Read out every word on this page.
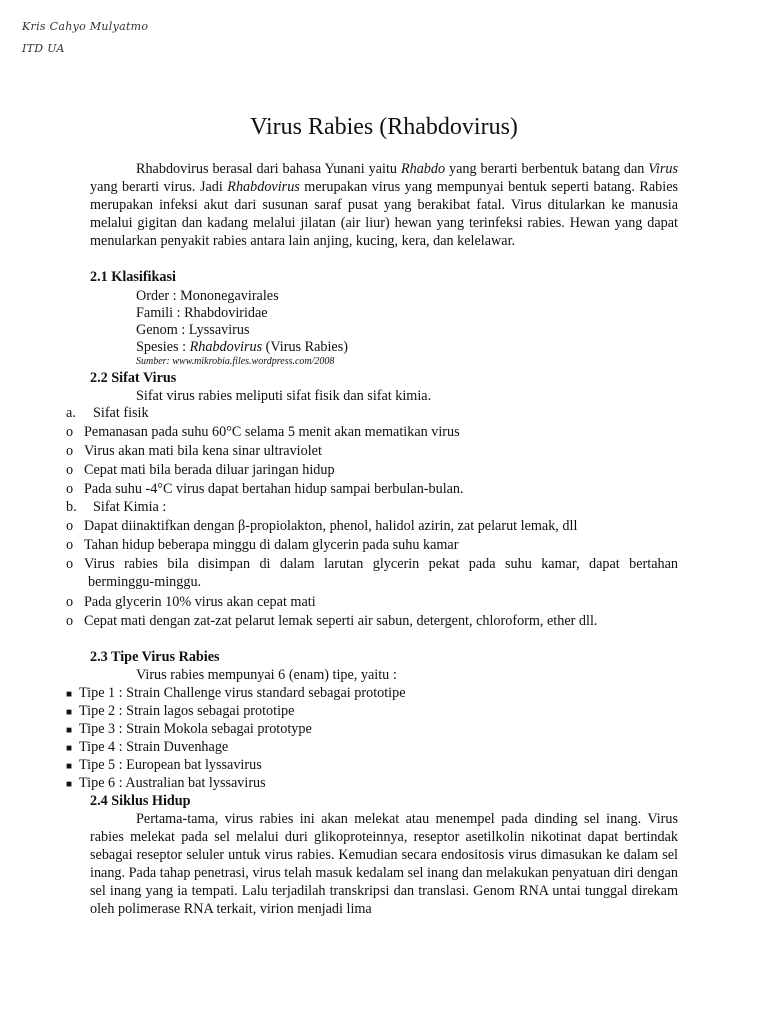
Kris Cahyo Mulyatmo
ITD UA
Virus Rabies (Rhabdovirus)

Rhabdovirus berasal dari bahasa Yunani yaitu Rhabdo yang berarti berbentuk batang dan Virus yang berarti virus. Jadi Rhabdovirus merupakan virus yang mempunyai bentuk seperti batang. Rabies merupakan infeksi akut dari susunan saraf pusat yang berakibat fatal. Virus ditularkan ke manusia melalui gigitan dan kadang melalui jilatan (air liur) hewan yang terinfeksi rabies. Hewan yang dapat menularkan penyakit rabies antara lain anjing, kucing, kera, dan kelelawar.

2.1 Klasifikasi
Order : Mononegavirales
Famili : Rhabdoviridae
Genom : Lyssavirus
Spesies : Rhabdovirus (Virus Rabies)
Sumber: www.mikrobia.files.wordpress.com/2008
2.2 Sifat Virus
Sifat virus rabies meliputi sifat fisik dan sifat kimia.
a. Sifat fisik
o Pemanasan pada suhu 60°C selama 5 menit akan mematikan virus
o Virus akan mati bila kena sinar ultraviolet
o Cepat mati bila berada diluar jaringan hidup
o Pada suhu -4°C virus dapat bertahan hidup sampai berbulan-bulan.
b. Sifat Kimia :
o Dapat diinaktifkan dengan β-propiolakton, phenol, halidol azirin, zat pelarut lemak, dll
o Tahan hidup beberapa minggu di dalam glycerin pada suhu kamar
o Virus rabies bila disimpan di dalam larutan glycerin pekat pada suhu kamar, dapat bertahan
berminggu-minggu.
o Pada glycerin 10% virus akan cepat mati
o Cepat mati dengan zat-zat pelarut lemak seperti air sabun, detergent, chloroform, ether dll.
2.3 Tipe Virus Rabies
Virus rabies mempunyai 6 (enam) tipe, yaitu :
■ Tipe 1 : Strain Challenge virus standard sebagai prototipe
■ Tipe 2 : Strain lagos sebagai prototipe
■ Tipe 3 : Strain Mokola sebagai prototype
■ Tipe 4 : Strain Duvenhage
■ Tipe 5 : European bat lyssavirus
■ Tipe 6 : Australian bat lyssavirus
2.4 Siklus Hidup

Pertama-tama, virus rabies ini akan melekat atau menempel pada dinding sel inang. Virus rabies melekat pada sel melalui duri glikoproteinnya, reseptor asetilkolin nikotinat dapat bertindak sebagai reseptor seluler untuk virus rabies. Kemudian secara endositosis virus dimasukan ke dalam sel inang. Pada tahap penetrasi, virus telah masuk kedalam sel inang dan melakukan penyatuan diri dengan sel inang yang ia tempati. Lalu terjadilah transkripsi dan translasi. Genom RNA untai tunggal direkam oleh polimerase RNA terkait, virion menjadi lima
